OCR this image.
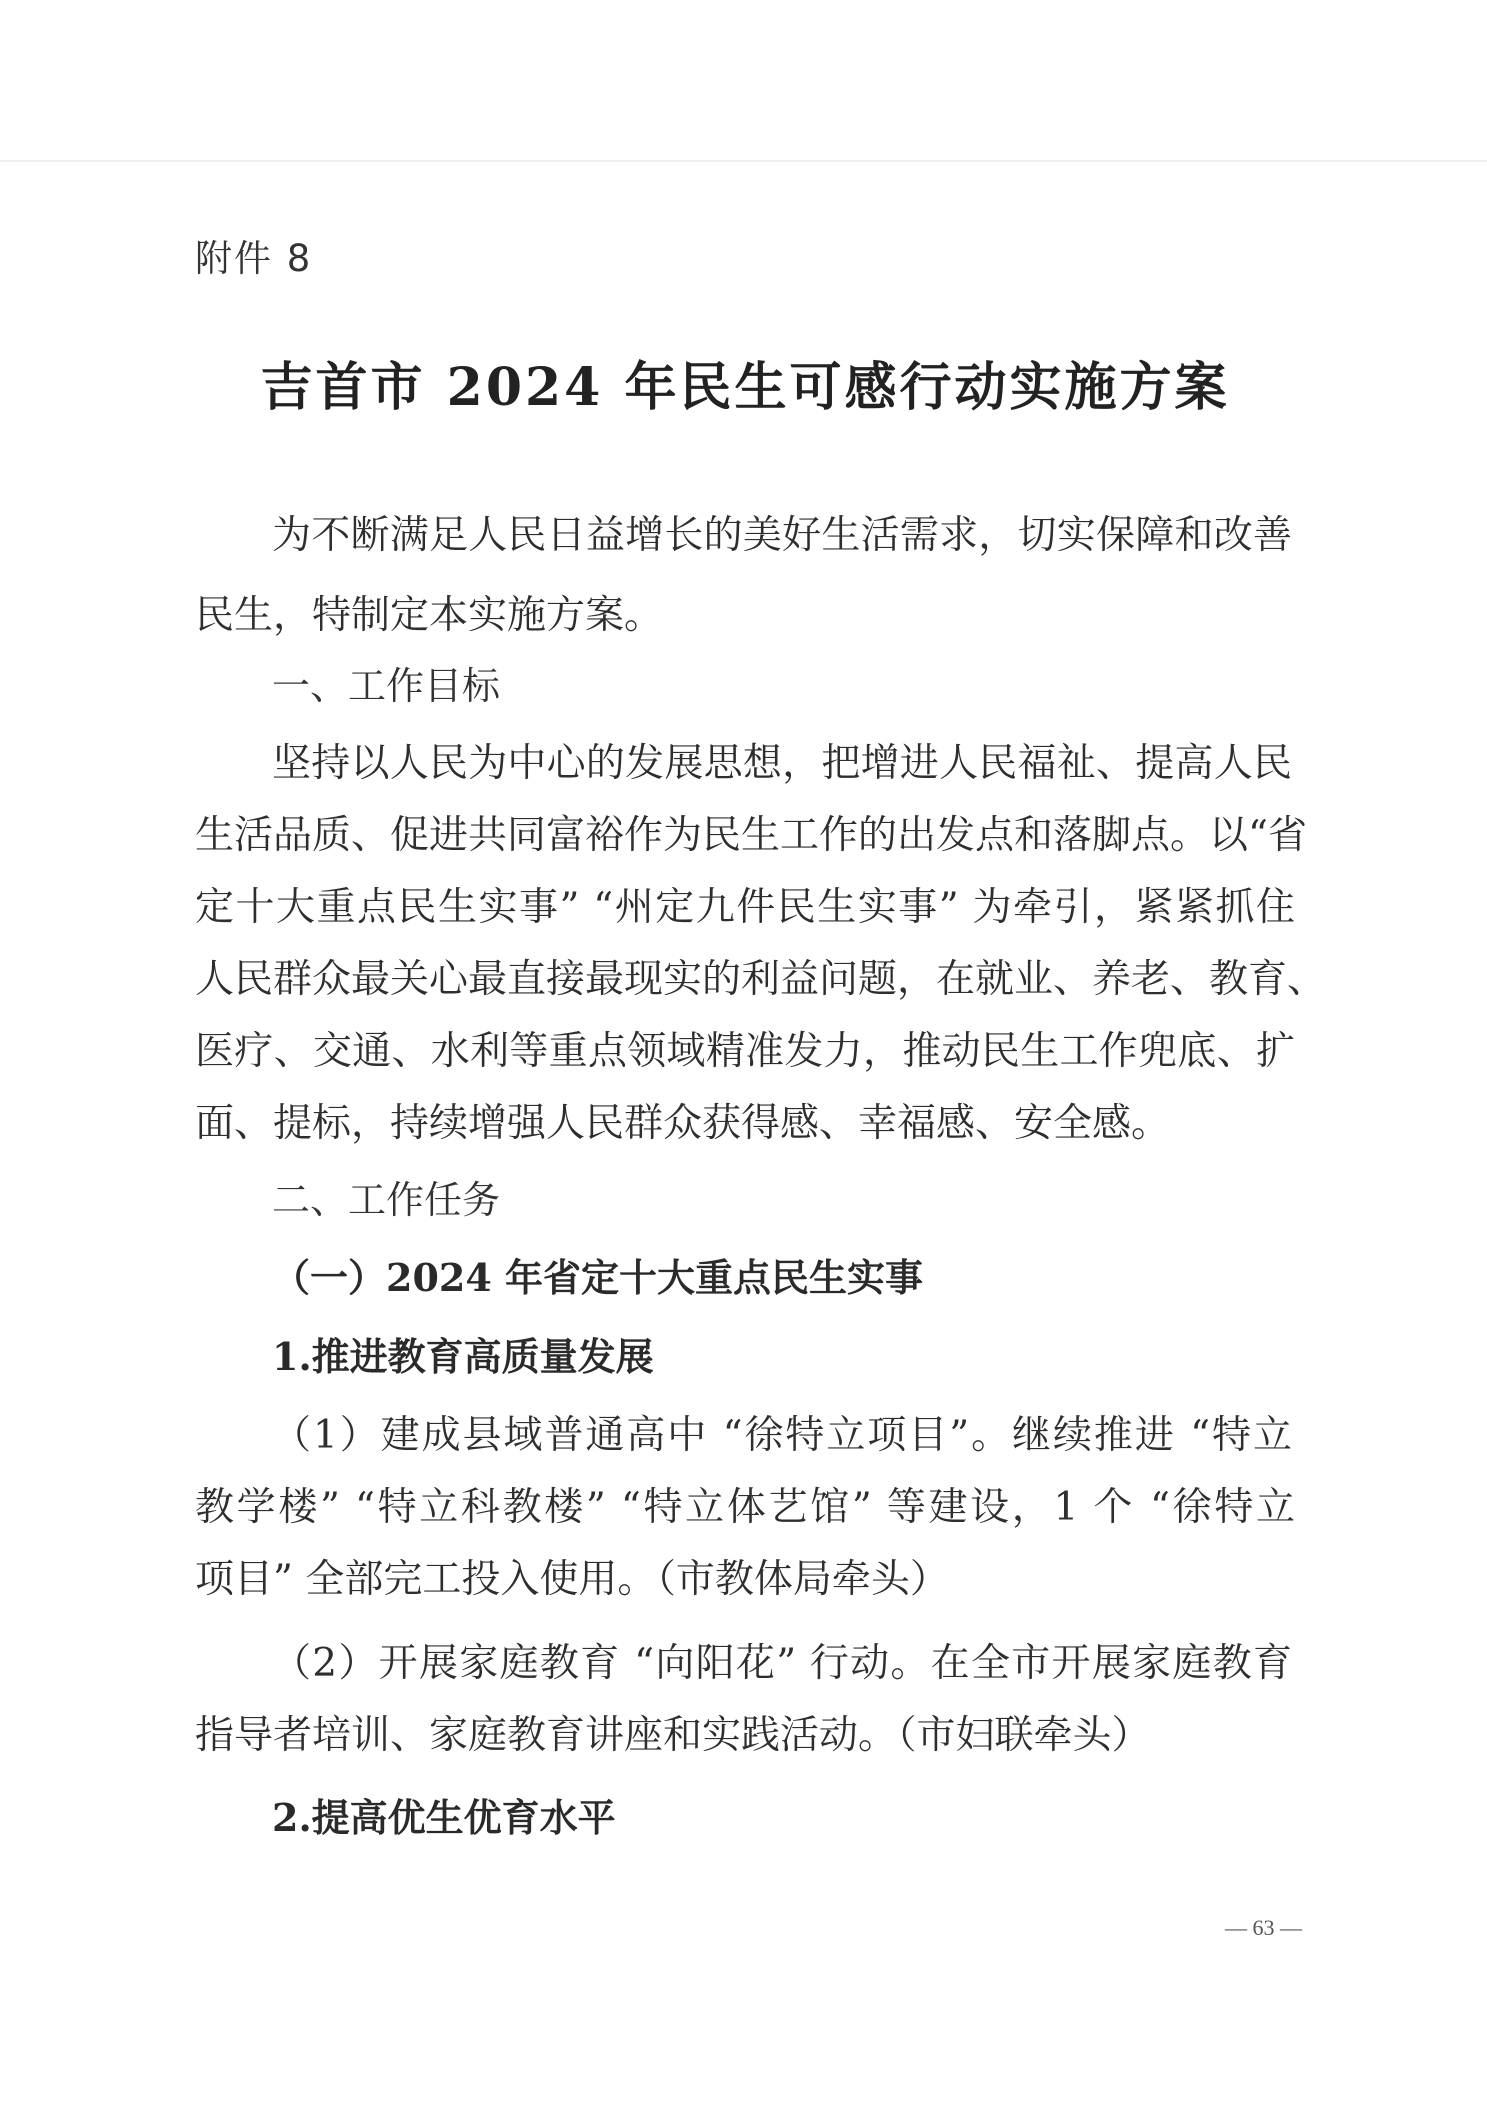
附件 8
吉首市 2024 年民生可感行动实施方案
为不断满足人民日益增长的美好生活需求，切实保障和改善
民生，特制定本实施方案。
一、工作目标
坚持以人民为中心的发展思想，把增进人民福祉、提高人民
生活品质、促进共同富裕作为民生工作的出发点和落脚点。以“省
定十大重点民生实事” “州定九件民生实事” 为牵引，紧紧抓住
人民群众最关心最直接最现实的利益问题，在就业、养老、教育、
医疗、交通、水利等重点领域精准发力，推动民生工作兜底、扩
面、提标，持续增强人民群众获得感、幸福感、安全感。
二、工作任务
（一）2024 年省定十大重点民生实事
1.推进教育高质量发展
（1）建成县域普通高中 “徐特立项目”。继续推进 “特立
教学楼” “特立科教楼” “特立体艺馆” 等建设，1 个 “徐特立
项目” 全部完工投入使用。（市教体局牵头）
（2）开展家庭教育 “向阳花” 行动。在全市开展家庭教育
指导者培训、家庭教育讲座和实践活动。（市妇联牵头）
2.提高优生优育水平
— 63 —
